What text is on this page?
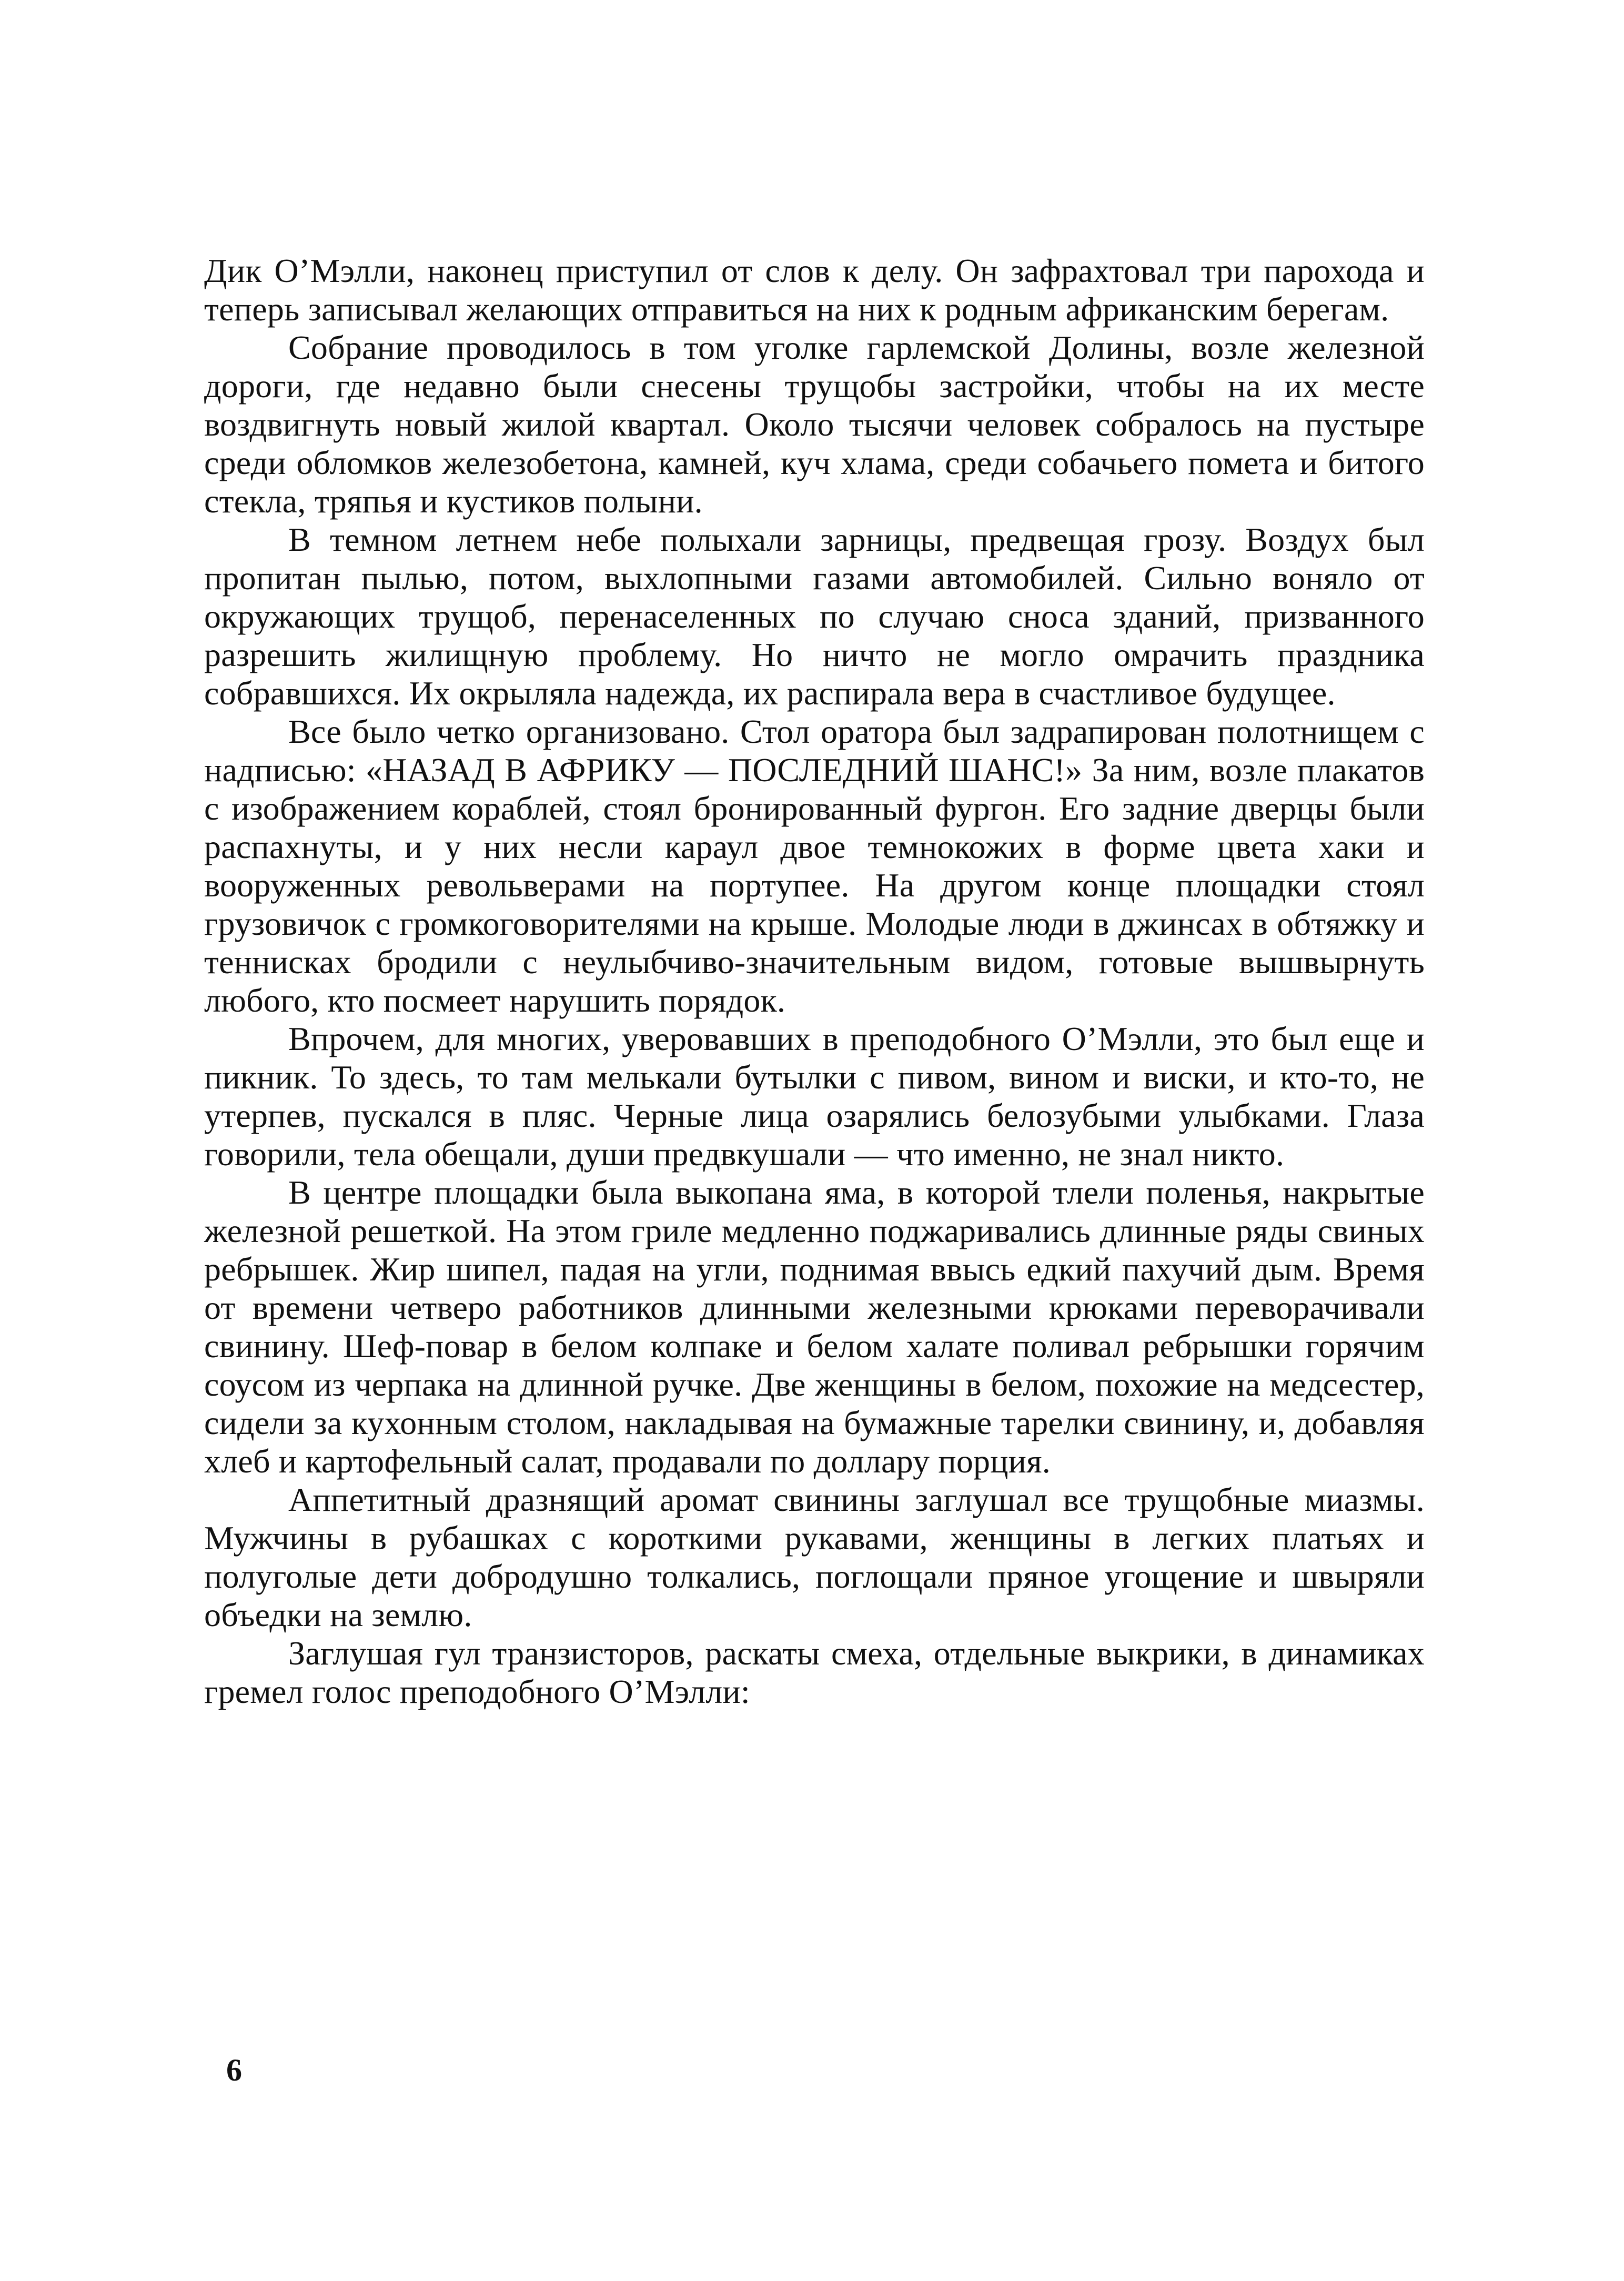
Дик О’Мэлли, наконец приступил от слов к делу. Он зафрахтовал три парохода и теперь записывал желающих отправиться на них к родным африканским берегам.

Собрание проводилось в том уголке гарлемской Долины, возле железной дороги, где недавно были снесены трущобы застройки, чтобы на их месте воздвигнуть новый жилой квартал. Около тысячи человек собралось на пустыре среди обломков железобетона, камней, куч хлама, среди собачьего помета и битого стекла, тряпья и кустиков полыни.

В темном летнем небе полыхали зарницы, предвещая грозу. Воздух был пропитан пылью, потом, выхлопными газами автомобилей. Сильно воняло от окружающих трущоб, перенаселенных по случаю сноса зданий, призванного разрешить жилищную проблему. Но ничто не могло омрачить праздника собравшихся. Их окрыляла надежда, их распирала вера в счастливое будущее.

Все было четко организовано. Стол оратора был задрапирован полотнищем с надписью: «НАЗАД В АФРИКУ — ПОСЛЕДНИЙ ШАНС!» За ним, возле плакатов с изображением кораблей, стоял бронированный фургон. Его задние дверцы были распахнуты, и у них несли караул двое темнокожих в форме цвета хаки и вооруженных револьверами на портупее. На другом конце площадки стоял грузовичок с громкоговорителями на крыше. Молодые люди в джинсах в обтяжку и тенниcках бродили с неулыбчиво-значительным видом, готовые вышвырнуть любого, кто посмеет нарушить порядок.

Впрочем, для многих, уверовавших в преподобного О’Мэлли, это был еще и пикник. То здесь, то там мелькали бутылки с пивом, вином и виски, и кто-то, не утерпев, пускался в пляс. Черные лица озарялись белозубыми улыбками. Глаза говорили, тела обещали, души предвкушали — что именно, не знал никто.

В центре площадки была выкопана яма, в которой тлели поленья, накрытые железной решеткой. На этом гриле медленно поджаривались длинные ряды свиных ребрышек. Жир шипел, падая на угли, поднимая ввысь едкий пахучий дым. Время от времени четверо работников длинными железными крюками переворачивали свинину. Шеф-повар в белом колпаке и белом халате поливал ребрышки горячим соусом из черпака на длинной ручке. Две женщины в белом, похожие на медсестер, сидели за кухонным столом, накладывая на бумажные тарелки свинину, и, добавляя хлеб и картофельный салат, продавали по доллару порция.

Аппетитный дразнящий аромат свинины заглушал все трущобные миазмы. Мужчины в рубашках с короткими рукавами, женщины в легких платьях и полуголые дети добродушно толкались, поглощали пряное угощение и швыряли объедки на землю.

Заглушая гул транзисторов, раскаты смеха, отдельные выкрики, в динамиках гремел голос преподобного О’Мэлли:

6
